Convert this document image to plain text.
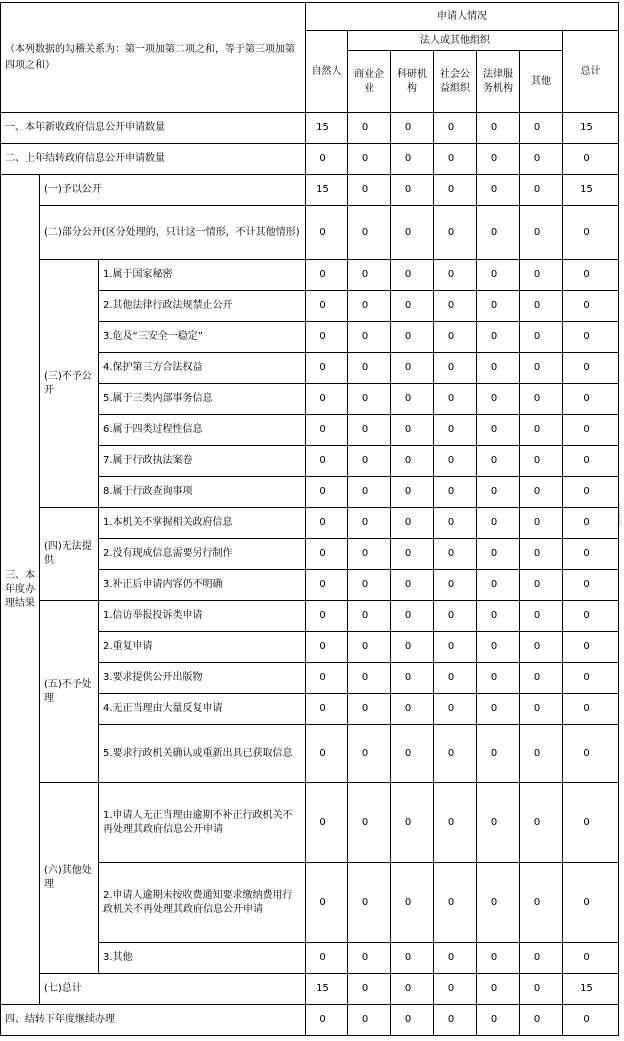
（本列数据的勾稽关系为：第一项加第二项之和，等于第三项加第四项之和）			申请人情况						
			自然人	法人或其他组织					总计
				商业企业	科研机构	社会公益组织	法律服务机构	其他	
一、本年新收政府信息公开申请数量			15	0	0	0	0	0	15
二、上年结转政府信息公开申请数量			0	0	0	0	0	0	0
三、本年度办理结果	(一)予以公开		15	0	0	0	0	0	15
	(二)部分公开(区分处理的，只计这一情形，不计其他情形)		0	0	0	0	0	0	0
	(三)不予公开	1.属于国家秘密	0	0	0	0	0	0	0
		2.其他法律行政法规禁止公开	0	0	0	0	0	0	0
		3.危及“三安全一稳定”	0	0	0	0	0	0	0
		4.保护第三方合法权益	0	0	0	0	0	0	0
		5.属于三类内部事务信息	0	0	0	0	0	0	0
		6.属于四类过程性信息	0	0	0	0	0	0	0
		7.属于行政执法案卷	0	0	0	0	0	0	0
		8.属于行政查询事项	0	0	0	0	0	0	0
	(四)无法提供	1.本机关不掌握相关政府信息	0	0	0	0	0	0	0
		2.没有现成信息需要另行制作	0	0	0	0	0	0	0
		3.补正后申请内容仍不明确	0	0	0	0	0	0	0
	(五)不予处理	1.信访举报投诉类申请	0	0	0	0	0	0	0
		2.重复申请	0	0	0	0	0	0	0
		3.要求提供公开出版物	0	0	0	0	0	0	0
		4.无正当理由大量反复申请	0	0	0	0	0	0	0
		5.要求行政机关确认或重新出具已获取信息	0	0	0	0	0	0	0
	(六)其他处理	1.申请人无正当理由逾期不补正行政机关不再处理其政府信息公开申请	0	0	0	0	0	0	0
		2.申请人逾期未按收费通知要求缴纳费用行政机关不再处理其政府信息公开申请	0	0	0	0	0	0	0
		3.其他	0	0	0	0	0	0	0
	(七)总计		15	0	0	0	0	0	15
四、结转下年度继续办理			0	0	0	0	0	0	0
